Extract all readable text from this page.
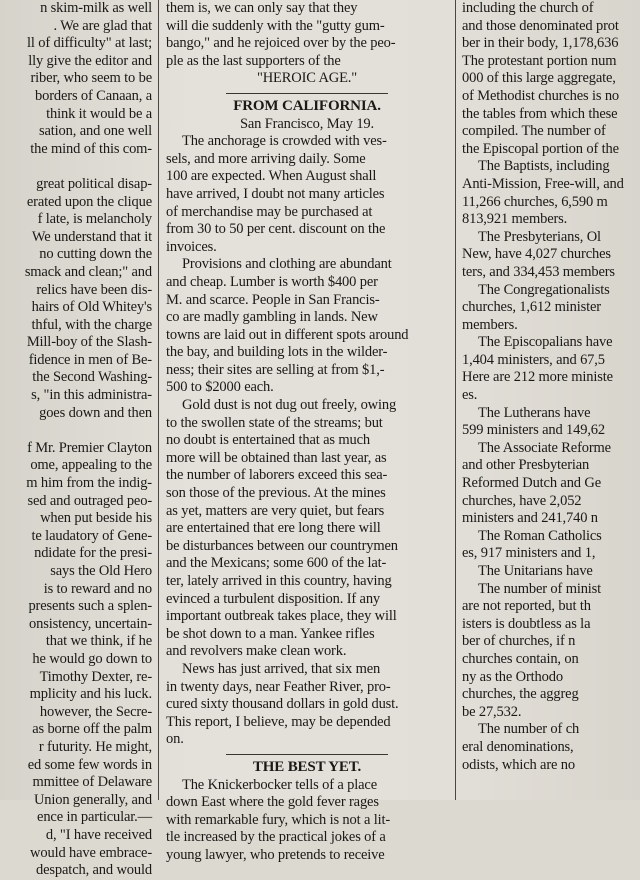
n skim-milk as well
. We are glad that
ll of difficulty" at last;
lly give the editor and
riber, who seem to be
borders of Canaan, a
think it would be a
sation, and one well
the mind of this com-

great political disap-
erated upon the clique
f late, is melancholy
We understand that it
no cutting down the
smack and clean;" and
relics have been dis-
hairs of Old Whitey's
thful, with the charge
Mill-boy of the Slash-
fidence in men of Be-
the Second Washing-
s, "in this administra-
goes down and then

f Mr. Premier Clayton
ome, appealing to the
m him from the indig-
sed and outraged peo-
when put beside his
te laudatory of Gene-
ndidate for the presi-
says the Old Hero
is to reward and no
presents such a splen-
onsistency, uncertain-
that we think, if he
he would go down to
Timothy Dexter, re-
mplicity and his luck.
however, the Secre-
as borne off the palm
r futurity. He might,
ed some few words in
mmittee of Delaware
Union generally, and
ence in particular.—
d, "I have received
would have embrace-
despatch, and would
them is, we can only say that they
will die suddenly with the "gutty gum-
bango," and he rejoiced over by the peo-
ple as the last supporters of the
"HEROIC AGE."
FROM CALIFORNIA.
San Francisco, May 19.
The anchorage is crowded with ves-
sels, and more arriving daily. Some
100 are expected. When August shall
have arrived, I doubt not many articles
of merchandise may be purchased at
from 30 to 50 per cent. discount on the
invoices.
Provisions and clothing are abundant
and cheap. Lumber is worth $400 per
M. and scarce. People in San Francis-
co are madly gambling in lands. New
towns are laid out in different spots around
the bay, and building lots in the wilder-
ness; their sites are selling at from $1,-
500 to $2000 each.
Gold dust is not dug out freely, owing
to the swollen state of the streams; but
no doubt is entertained that as much
more will be obtained than last year, as
the number of laborers exceed this sea-
son those of the previous. At the mines
as yet, matters are very quiet, but fears
are entertained that ere long there will
be disturbances between our countrymen
and the Mexicans; some 600 of the lat-
ter, lately arrived in this country, having
evinced a turbulent disposition. If any
important outbreak takes place, they will
be shot down to a man. Yankee rifles
and revolvers make clean work.
News has just arrived, that six men
in twenty days, near Feather River, pro-
cured sixty thousand dollars in gold dust.
This report, I believe, may be depended
on.
THE BEST YET.
The Knickerbocker tells of a place
down East where the gold fever rages
with remarkable fury, which is not a lit-
tle increased by the practical jokes of a
young lawyer, who pretends to receive
including the church of
and those denominated prot
ber in their body, 1,178,636
The protestant portion num
000 of this large aggregate,
of Methodist churches is no
the tables from which these
compiled. The number of
the Episcopal portion of the
The Baptists, including
Anti-Mission, Free-will, and
11,266 churches, 6,590 m
813,921 members.
The Presbyterians, Ol
New, have 4,027 churches
ters, and 334,453 members
The Congregationalists
churches, 1,612 minister
members.
The Episcopalians have
1,404 ministers, and 67,5
Here are 212 more ministe
es.
The Lutherans have
599 ministers and 149,62
The Associate Reforme
and other Presbyterian
Reformed Dutch and Ge
churches, have 2,052
ministers and 241,740 n
The Roman Catholics
es, 917 ministers and 1,
The Unitarians have
The number of minist
are not reported, but th
isters is doubtless as la
ber of churches, if n
churches contain, on
ny as the Orthodo
churches, the aggreg
be 27,532.
The number of ch
eral denominations,
odists, which are no
